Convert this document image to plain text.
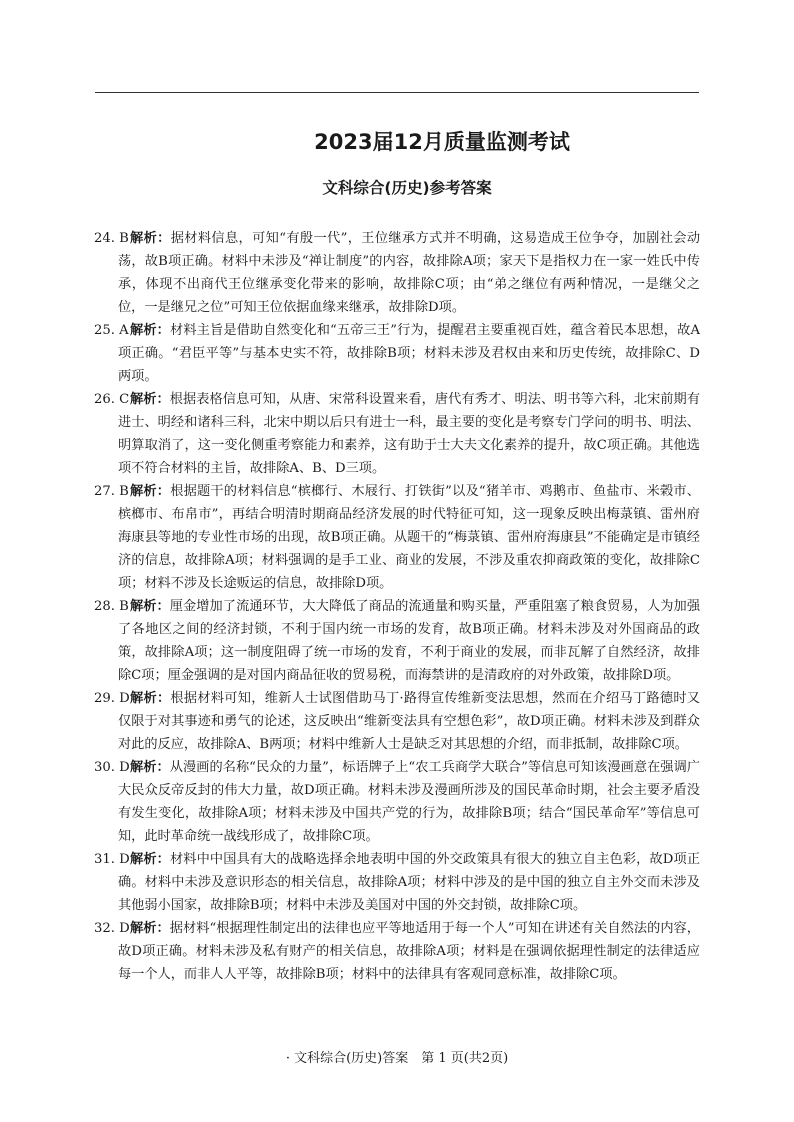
2023届12月质量监测考试
文科综合(历史)参考答案

24. B 解析：据材料信息，可知“有殷一代”，王位继承方式并不明确，这易造成王位争夺，加剧社会动荡，故B项正确。材料中未涉及“禅让制度”的内容，故排除A项；家天下是指权力在一家一姓氏中传承，体现不出商代王位继承变化带来的影响，故排除C项；由“弟之继位有两种情况，一是继父之位，一是继兄之位”可知王位依据血缘来继承，故排除D项。

25. A 解析：材料主旨是借助自然变化和“五帝三王”行为，提醒君主要重视百姓，蕴含着民本思想，故A项正确。“君臣平等”与基本史实不符，故排除B项；材料未涉及君权由来和历史传统，故排除C、D两项。

26. C 解析：根据表格信息可知，从唐、宋常科设置来看，唐代有秀才、明法、明书等六科，北宋前期有进士、明经和诸科三科，北宋中期以后只有进士一科，最主要的变化是考察专门学问的明书、明法、明算取消了，这一变化侧重考察能力和素养，这有助于士大夫文化素养的提升，故C项正确。其他选项不符合材料的主旨，故排除A、B、D三项。

27. B 解析：根据题干的材料信息“槟榔行、木屐行、打铁街”以及“猪羊市、鸡鹅市、鱼盐市、米榖市、槟榔市、布帛市”，再结合明清时期商品经济发展的时代特征可知，这一现象反映出梅菉镇、雷州府海康县等地的专业性市场的出现，故B项正确。从题干的“梅菉镇、雷州府海康县”不能确定是市镇经济的信息，故排除A项；材料强调的是手工业、商业的发展，不涉及重农抑商政策的变化，故排除C项；材料不涉及长途贩运的信息，故排除D项。

28. B 解析：厘金增加了流通环节，大大降低了商品的流通量和购买量，严重阻塞了粮食贸易，人为加强了各地区之间的经济封锁，不利于国内统一市场的发育，故B项正确。材料未涉及对外国商品的政策，故排除A项；这一制度阻碍了统一市场的发育，不利于商业的发展，而非瓦解了自然经济，故排除C项；厘金强调的是对国内商品征收的贸易税，而海禁讲的是清政府的对外政策，故排除D项。

29. D 解析：根据材料可知，维新人士试图借助马丁·路得宣传维新变法思想，然而在介绍马丁路德时又仅限于对其事迹和勇气的论述，这反映出“维新变法具有空想色彩”，故D项正确。材料未涉及到群众对此的反应，故排除A、B两项；材料中维新人士是缺乏对其思想的介绍，而非抵制，故排除C项。

30. D 解析：从漫画的名称“民众的力量”，标语牌子上“农工兵商学大联合”等信息可知该漫画意在强调广大民众反帝反封的伟大力量，故D项正确。材料未涉及漫画所涉及的国民革命时期，社会主要矛盾没有发生变化，故排除A项；材料未涉及中国共产党的行为，故排除B项；结合“国民革命军”等信息可知，此时革命统一战线形成了，故排除C项。

31. D 解析：材料中中国具有大的战略选择余地表明中国的外交政策具有很大的独立自主色彩，故D项正确。材料中未涉及意识形态的相关信息，故排除A项；材料中涉及的是中国的独立自主外交而未涉及其他弱小国家，故排除B项；材料中未涉及美国对中国的外交封锁，故排除C项。

32. D 解析：据材料“根据理性制定出的法律也应平等地适用于每一个人”可知在讲述有关自然法的内容，故D项正确。材料未涉及私有财产的相关信息，故排除A项；材料是在强调依据理性制定的法律适应每一个人，而非人人平等，故排除B项；材料中的法律具有客观同意标准，故排除C项。

· 文科综合(历史)答案　第 1 页(共2页)
